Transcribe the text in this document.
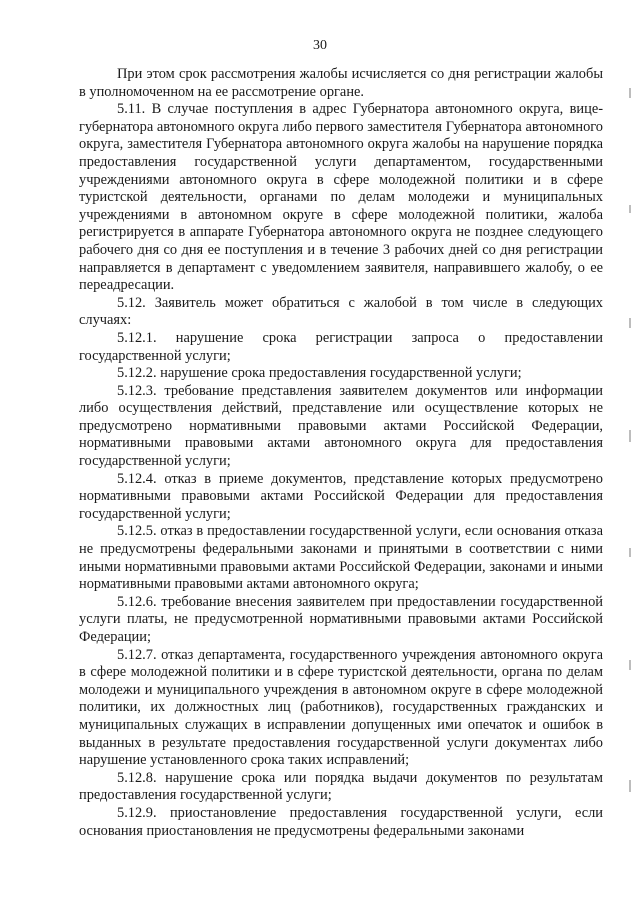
30

При этом срок рассмотрения жалобы исчисляется со дня регистрации жалобы в уполномоченном на ее рассмотрение органе.

5.11. В случае поступления в адрес Губернатора автономного округа, вице-губернатора автономного округа либо первого заместителя Губернатора автономного округа, заместителя Губернатора автономного округа жалобы на нарушение порядка предоставления государственной услуги департаментом, государственными учреждениями автономного округа в сфере молодежной политики и в сфере туристской деятельности, органами по делам молодежи и муниципальных учреждениями в автономном округе в сфере молодежной политики, жалоба регистрируется в аппарате Губернатора автономного округа не позднее следующего рабочего дня со дня ее поступления и в течение 3 рабочих дней со дня регистрации направляется в департамент с уведомлением заявителя, направившего жалобу, о ее переадресации.

5.12. Заявитель может обратиться с жалобой в том числе в следующих случаях:

5.12.1. нарушение срока регистрации запроса о предоставлении государственной услуги;

5.12.2. нарушение срока предоставления государственной услуги;

5.12.3. требование представления заявителем документов или информации либо осуществления действий, представление или осуществление которых не предусмотрено нормативными правовыми актами Российской Федерации, нормативными правовыми актами автономного округа для предоставления государственной услуги;

5.12.4. отказ в приеме документов, представление которых предусмотрено нормативными правовыми актами Российской Федерации для предоставления государственной услуги;

5.12.5. отказ в предоставлении государственной услуги, если основания отказа не предусмотрены федеральными законами и принятыми в соответствии с ними иными нормативными правовыми актами Российской Федерации, законами и иными нормативными правовыми актами автономного округа;

5.12.6. требование внесения заявителем при предоставлении государственной услуги платы, не предусмотренной нормативными правовыми актами Российской Федерации;

5.12.7. отказ департамента, государственного учреждения автономного округа в сфере молодежной политики и в сфере туристской деятельности, органа по делам молодежи и муниципального учреждения в автономном округе в сфере молодежной политики, их должностных лиц (работников), государственных гражданских и муниципальных служащих в исправлении допущенных ими опечаток и ошибок в выданных в результате предоставления государственной услуги документах либо нарушение установленного срока таких исправлений;

5.12.8. нарушение срока или порядка выдачи документов по результатам предоставления государственной услуги;

5.12.9. приостановление предоставления государственной услуги, если основания приостановления не предусмотрены федеральными законами
